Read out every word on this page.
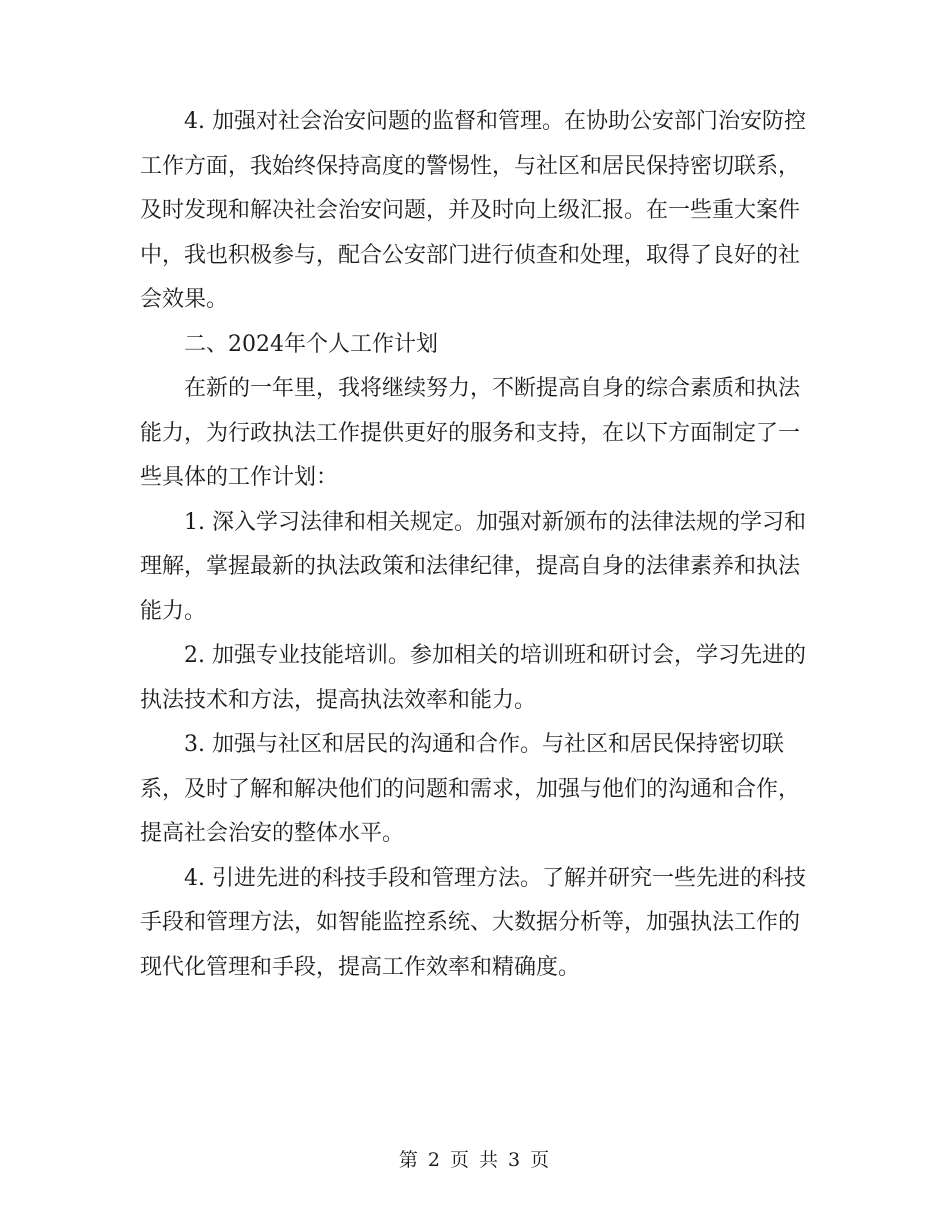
4. 加强对社会治安问题的监督和管理。在协助公安部门治安防控工作方面，我始终保持高度的警惕性，与社区和居民保持密切联系，及时发现和解决社会治安问题，并及时向上级汇报。在一些重大案件中，我也积极参与，配合公安部门进行侦查和处理，取得了良好的社会效果。

二、2024年个人工作计划

在新的一年里，我将继续努力，不断提高自身的综合素质和执法能力，为行政执法工作提供更好的服务和支持，在以下方面制定了一些具体的工作计划：

1. 深入学习法律和相关规定。加强对新颁布的法律法规的学习和理解，掌握最新的执法政策和法律纪律，提高自身的法律素养和执法能力。

2. 加强专业技能培训。参加相关的培训班和研讨会，学习先进的执法技术和方法，提高执法效率和能力。

3. 加强与社区和居民的沟通和合作。与社区和居民保持密切联系，及时了解和解决他们的问题和需求，加强与他们的沟通和合作，提高社会治安的整体水平。

4. 引进先进的科技手段和管理方法。了解并研究一些先进的科技手段和管理方法，如智能监控系统、大数据分析等，加强执法工作的现代化管理和手段，提高工作效率和精确度。

第 2 页 共 3 页
